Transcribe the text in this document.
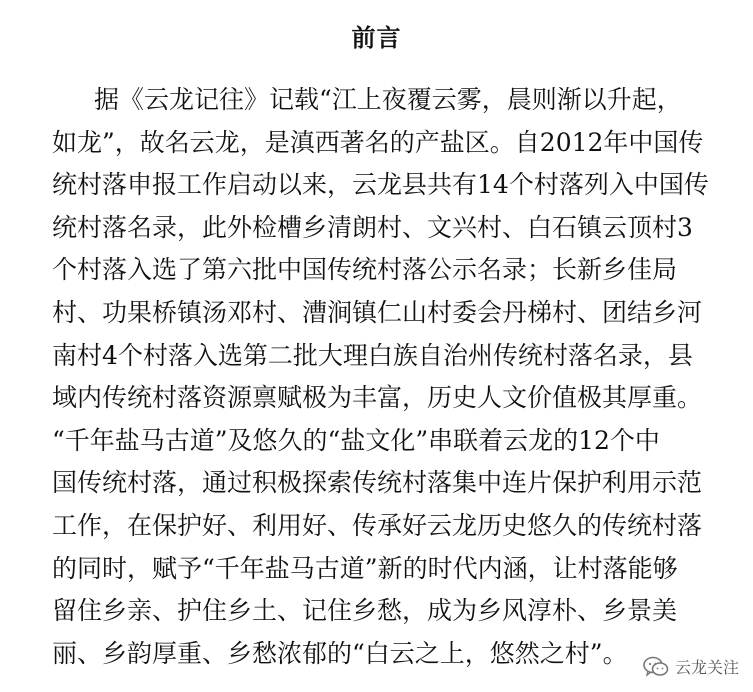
前言
据《云龙记往》记载“江上夜覆云雾，晨则渐以升起，
如龙”，故名云龙，是滇西著名的产盐区。自2012年中国传
统村落申报工作启动以来，云龙县共有14个村落列入中国传
统村落名录，此外检槽乡清朗村、文兴村、白石镇云顶村3
个村落入选了第六批中国传统村落公示名录；长新乡佳局
村、功果桥镇汤邓村、漕涧镇仁山村委会丹梯村、团结乡河
南村4个村落入选第二批大理白族自治州传统村落名录，县
域内传统村落资源禀赋极为丰富，历史人文价值极其厚重。
“千年盐马古道”及悠久的“盐文化”串联着云龙的12个中
国传统村落，通过积极探索传统村落集中连片保护利用示范
工作，在保护好、利用好、传承好云龙历史悠久的传统村落
的同时，赋予“千年盐马古道”新的时代内涵，让村落能够
留住乡亲、护住乡土、记住乡愁，成为乡风淳朴、乡景美
丽、乡韵厚重、乡愁浓郁的“白云之上，悠然之村”。	云龙关注
